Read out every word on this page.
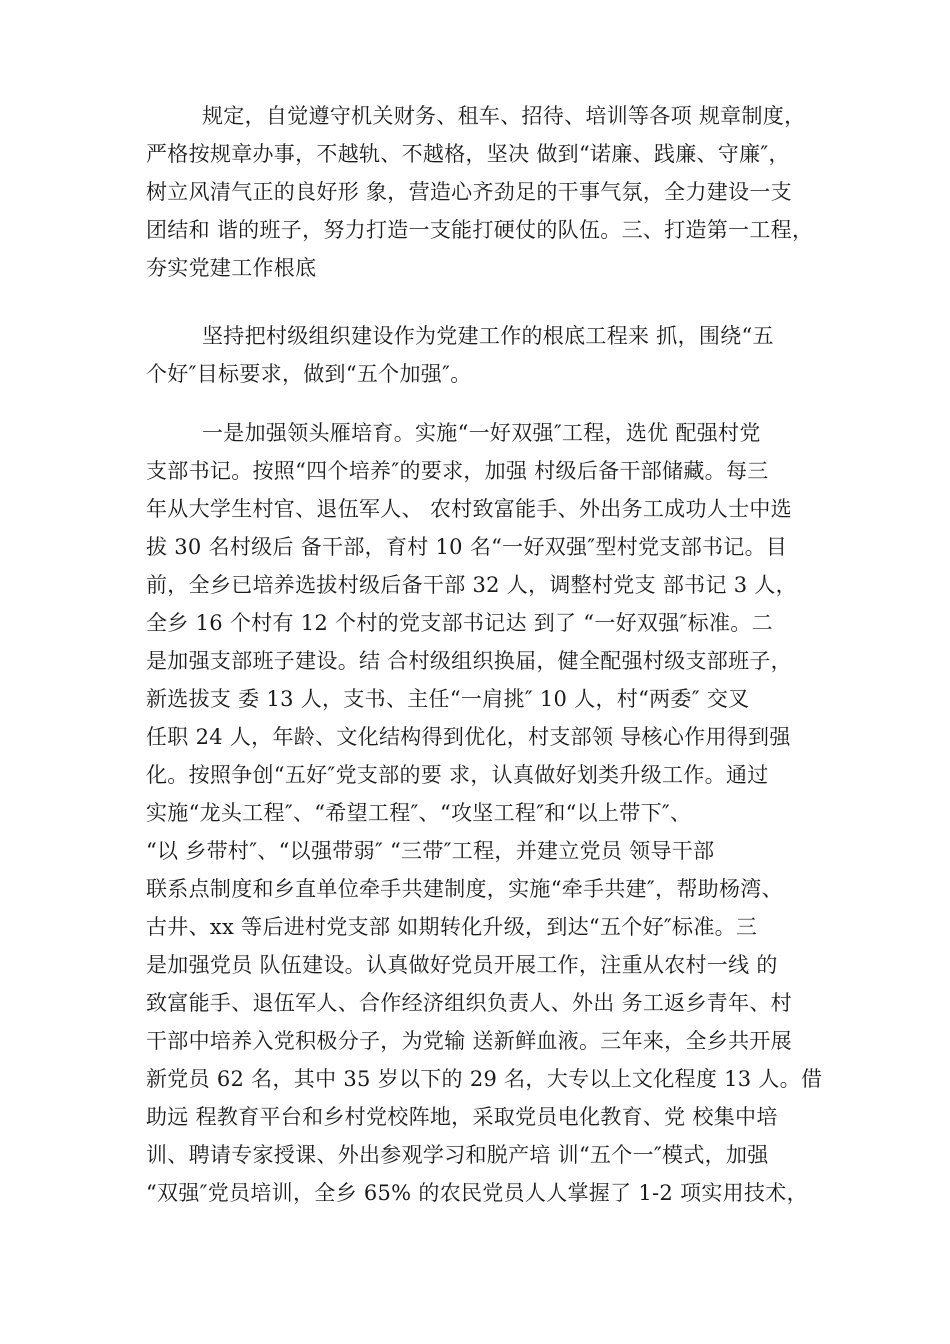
规定，自觉遵守机关财务、租车、招待、培训等各项 规章制度，
严格按规章办事，不越轨、不越格，坚决 做到“诺廉、践廉、守廉″，
树立风清气正的良好形 象，营造心齐劲足的干事气氛，全力建设一支
团结和 谐的班子，努力打造一支能打硬仗的队伍。三、打造第一工程，
夯实党建工作根底
坚持把村级组织建设作为党建工作的根底工程来 抓，围绕“五
个好″目标要求，做到“五个加强″。
一是加强领头雁培育。实施“一好双强″工程，选优 配强村党
支部书记。按照“四个培养″的要求，加强 村级后备干部储藏。每三
年从大学生村官、退伍军人、 农村致富能手、外出务工成功人士中选
拔 30 名村级后 备干部，育村 10 名“一好双强″型村党支部书记。目
前，全乡已培养选拔村级后备干部 32 人，调整村党支 部书记 3 人，
全乡 16 个村有 12 个村的党支部书记达 到了 “一好双强″标准。二
是加强支部班子建设。结 合村级组织换届，健全配强村级支部班子，
新选拔支 委 13 人，支书、主任“一肩挑″ 10 人，村“两委″ 交叉
任职 24 人，年龄、文化结构得到优化，村支部领 导核心作用得到强
化。按照争创“五好″党支部的要 求，认真做好划类升级工作。通过
实施“龙头工程″、“希望工程″、“攻坚工程″和“以上带下″、
“以 乡带村″、“以强带弱″ “三带″工程，并建立党员 领导干部
联系点制度和乡直单位牵手共建制度，实施“牵手共建″，帮助杨湾、
古井、xx 等后进村党支部 如期转化升级，到达“五个好″标准。三
是加强党员 队伍建设。认真做好党员开展工作，注重从农村一线 的
致富能手、退伍军人、合作经济组织负责人、外出 务工返乡青年、村
干部中培养入党积极分子，为党输 送新鲜血液。三年来，全乡共开展
新党员 62 名，其中 35 岁以下的 29 名，大专以上文化程度 13 人。借
助远 程教育平台和乡村党校阵地，采取党员电化教育、党 校集中培
训、聘请专家授课、外出参观学习和脱产培 训“五个一″模式，加强
“双强″党员培训，全乡 65% 的农民党员人人掌握了 1-2 项实用技术，
